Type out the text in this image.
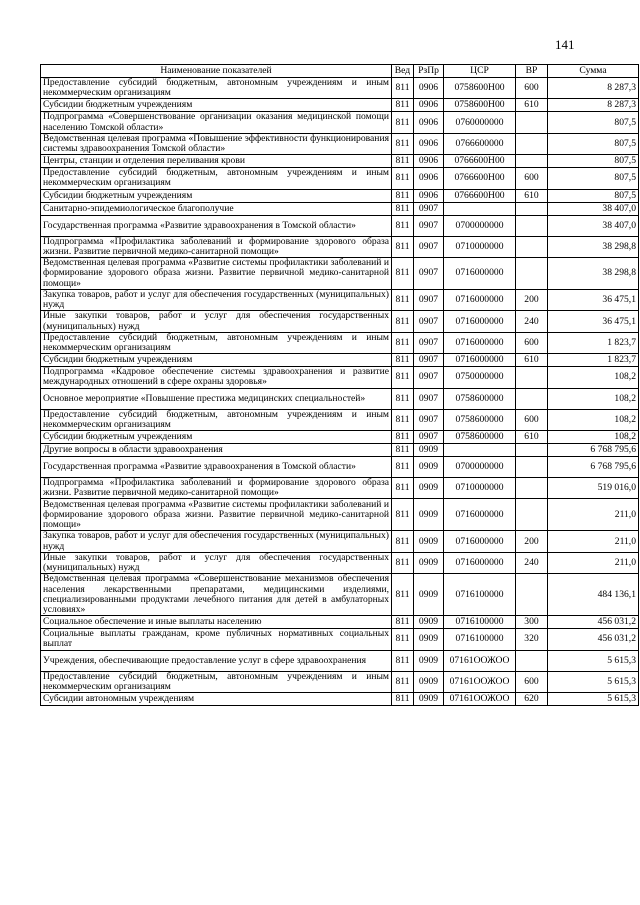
141
Наименование показателей	Вед	РзПр	ЦСР	ВР	Сумма
Предоставление субсидий бюджетным, автономным учреждениям и иным некоммерческим организациям	811	0906	0758600Н00	600	8 287,3
Субсидии бюджетным учреждениям	811	0906	0758600Н00	610	8 287,3
Подпрограмма «Совершенствование организации оказания медицинской помощи населению Томской области»	811	0906	0760000000		807,5
Ведомственная целевая программа «Повышение эффективности функционирования системы здравоохранения Томской области»	811	0906	0766600000		807,5
Центры, станции и отделения переливания крови	811	0906	0766600Н00		807,5
Предоставление субсидий бюджетным, автономным учреждениям и иным некоммерческим организациям	811	0906	0766600Н00	600	807,5
Субсидии бюджетным учреждениям	811	0906	0766600Н00	610	807,5
Санитарно-эпидемиологическое благополучие	811	0907			38 407,0
Государственная программа «Развитие здравоохранения в Томской области»	811	0907	0700000000		38 407,0
Подпрограмма «Профилактика заболеваний и формирование здорового образа жизни. Развитие первичной медико-санитарной помощи»	811	0907	0710000000		38 298,8
Ведомственная целевая программа «Развитие системы профилактики заболеваний и формирование здорового образа жизни. Развитие первичной медико-санитарной помощи»	811	0907	0716000000		38 298,8
Закупка товаров, работ и услуг для обеспечения государственных (муниципальных) нужд	811	0907	0716000000	200	36 475,1
Иные закупки товаров, работ и услуг для обеспечения государственных (муниципальных) нужд	811	0907	0716000000	240	36 475,1
Предоставление субсидий бюджетным, автономным учреждениям и иным некоммерческим организациям	811	0907	0716000000	600	1 823,7
Субсидии бюджетным учреждениям	811	0907	0716000000	610	1 823,7
Подпрограмма «Кадровое обеспечение системы здравоохранения и развитие международных отношений в сфере охраны здоровья»	811	0907	0750000000		108,2
Основное мероприятие «Повышение престижа медицинских специальностей»	811	0907	0758600000		108,2
Предоставление субсидий бюджетным, автономным учреждениям и иным некоммерческим организациям	811	0907	0758600000	600	108,2
Субсидии бюджетным учреждениям	811	0907	0758600000	610	108,2
Другие вопросы в области здравоохранения	811	0909			6 768 795,6
Государственная программа «Развитие здравоохранения в Томской области»	811	0909	0700000000		6 768 795,6
Подпрограмма «Профилактика заболеваний и формирование здорового образа жизни. Развитие первичной медико-санитарной помощи»	811	0909	0710000000		519 016,0
Ведомственная целевая программа «Развитие системы профилактики заболеваний и формирование здорового образа жизни. Развитие первичной медико-санитарной помощи»	811	0909	0716000000		211,0
Закупка товаров, работ и услуг для обеспечения государственных (муниципальных) нужд	811	0909	0716000000	200	211,0
Иные закупки товаров, работ и услуг для обеспечения государственных (муниципальных) нужд	811	0909	0716000000	240	211,0
Ведомственная целевая программа «Совершенствование механизмов обеспечения населения лекарственными препаратами, медицинскими изделиями, специализированными продуктами лечебного питания для детей в амбулаторных условиях»	811	0909	0716100000		484 136,1
Социальное обеспечение и иные выплаты населению	811	0909	0716100000	300	456 031,2
Социальные выплаты гражданам, кроме публичных нормативных социальных выплат	811	0909	0716100000	320	456 031,2
Учреждения, обеспечивающие предоставление услуг в сфере здравоохранения	811	0909	07161ООЖОО		5 615,3
Предоставление субсидий бюджетным, автономным учреждениям и иным некоммерческим организациям	811	0909	07161ООЖОО	600	5 615,3
Субсидии автономным учреждениям	811	0909	07161ООЖОО	620	5 615,3
